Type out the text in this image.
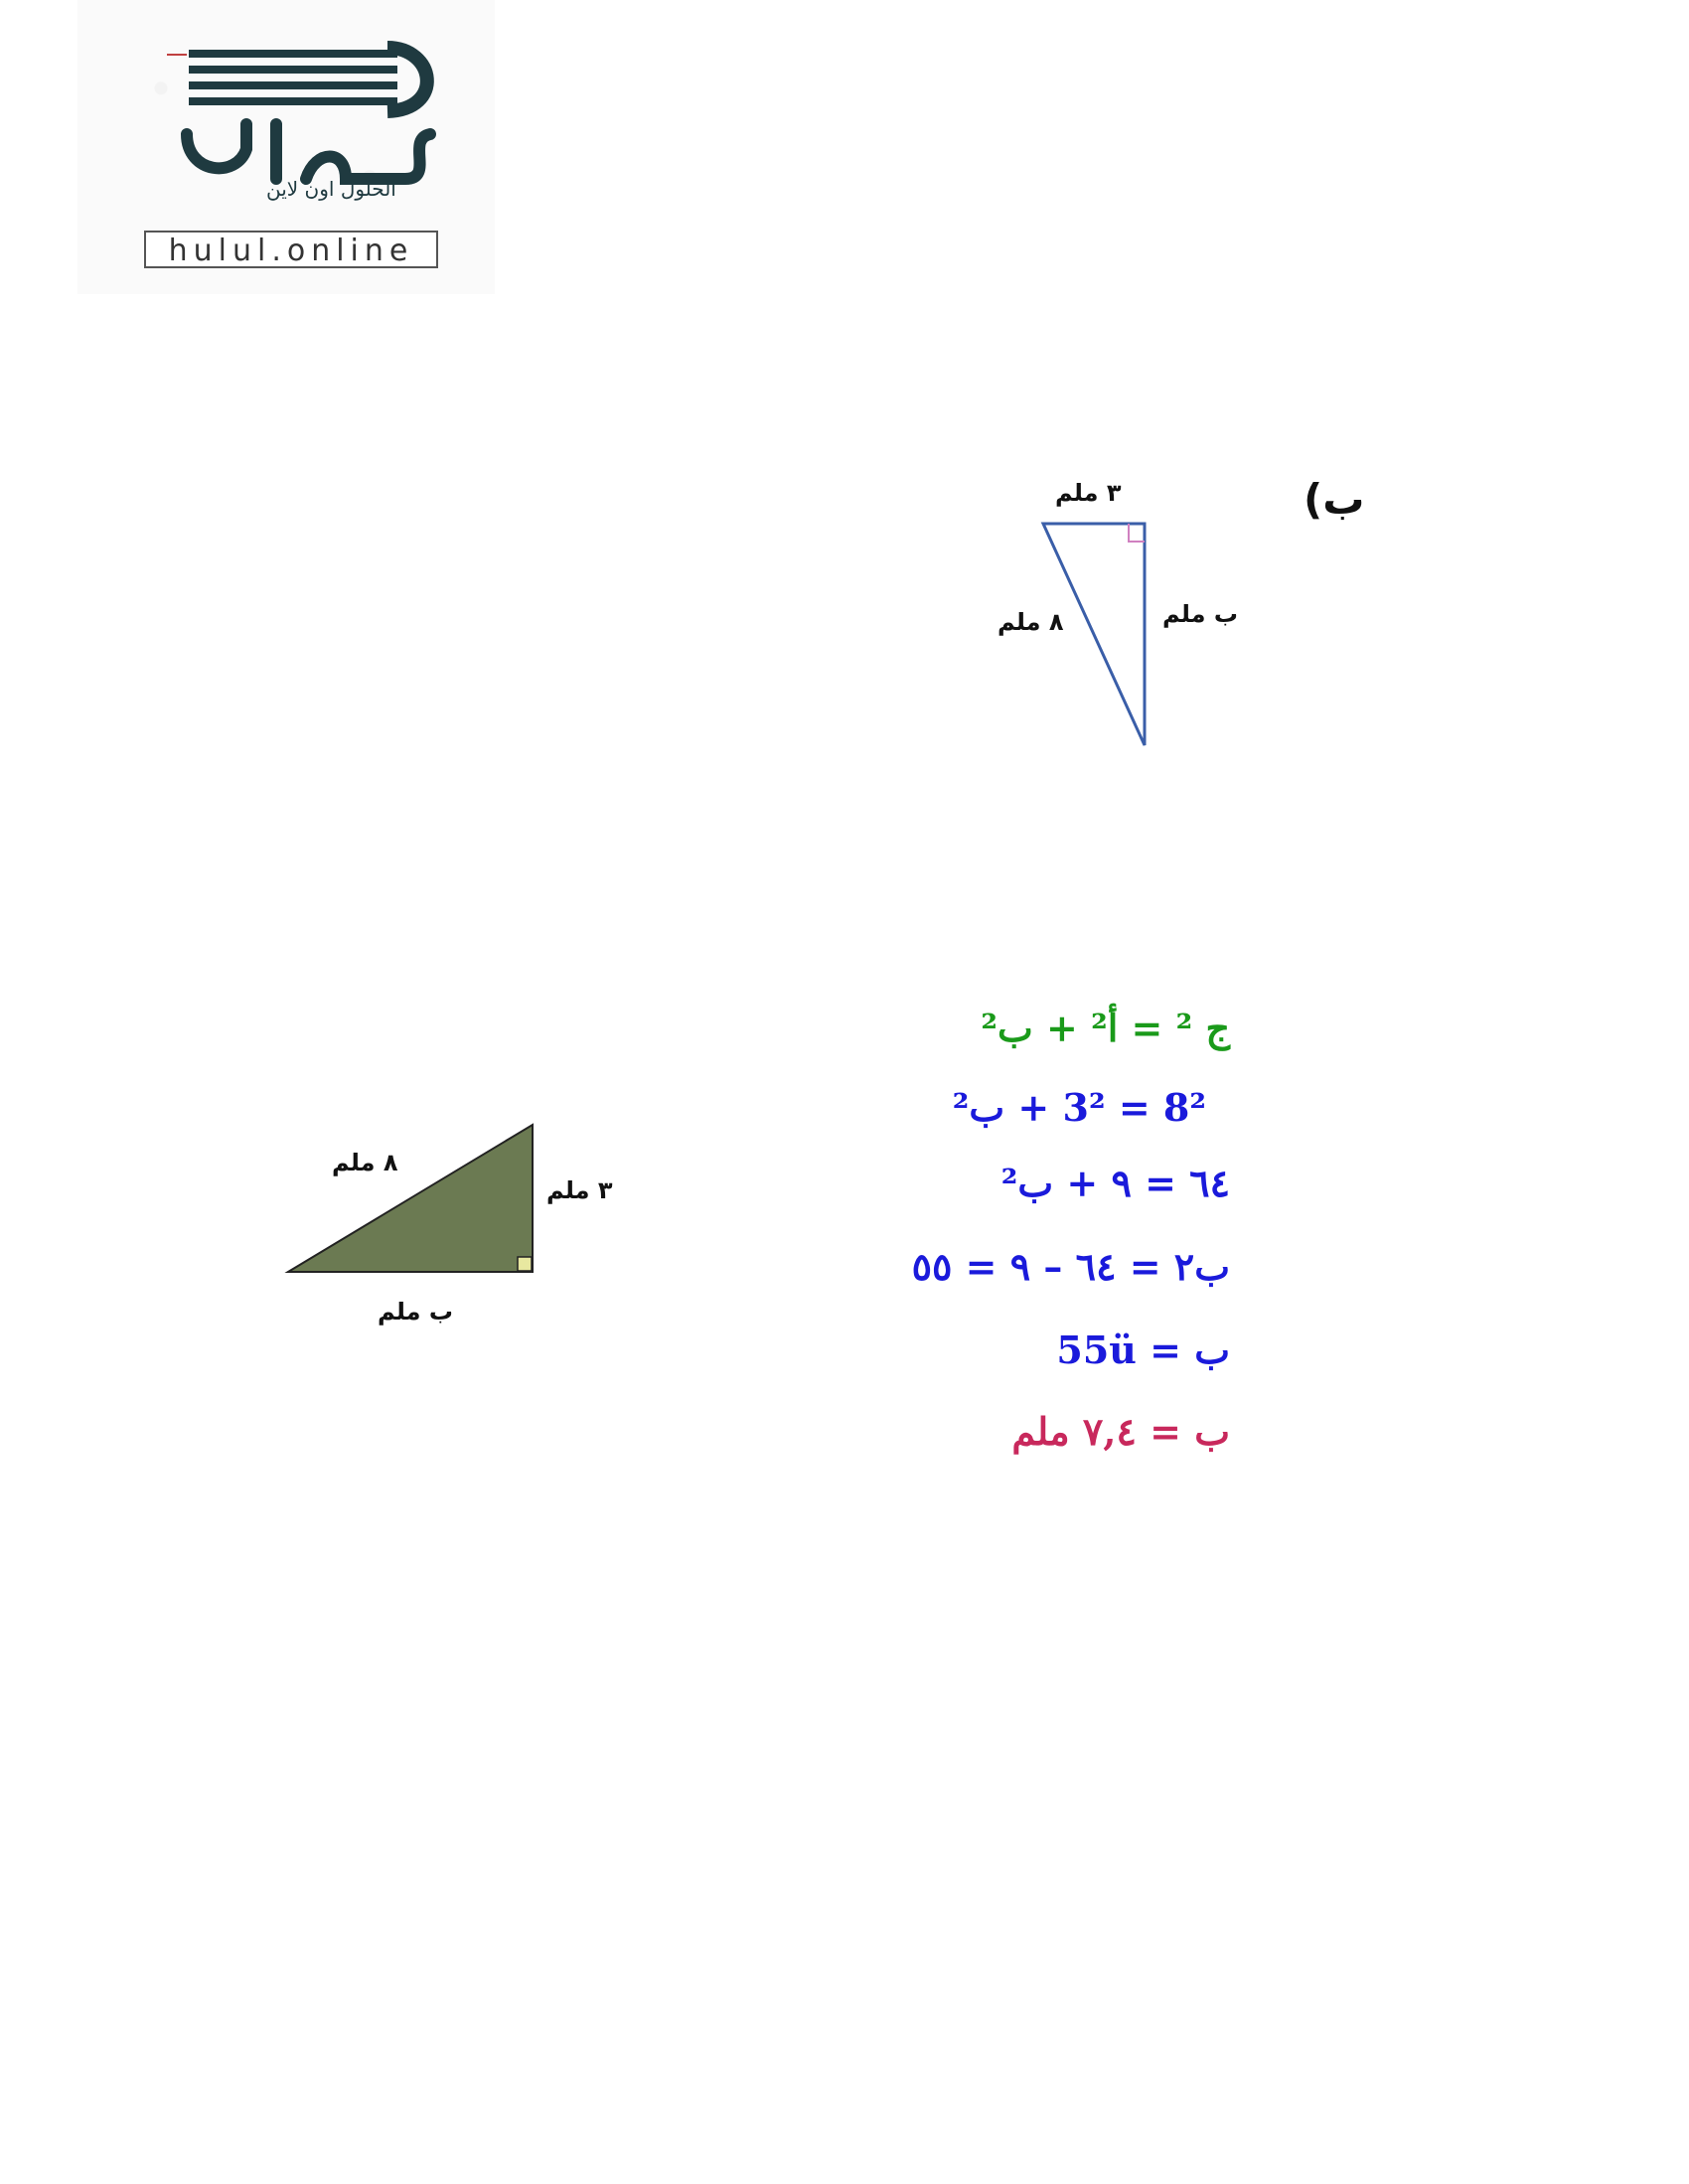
الحلول اون لاين
hulul.online
ب)
٣ ملم
٨ ملم	ب ملم
٨ ملم
٣ ملم
ب ملم
ج ² = أ² + ب²
8² = 3² + ب²
٦٤ = ٩ + ب²
ب٢ = ٦٤ – ٩ = ٥٥
ب = 55ü
ب = ٧,٤ ملم
